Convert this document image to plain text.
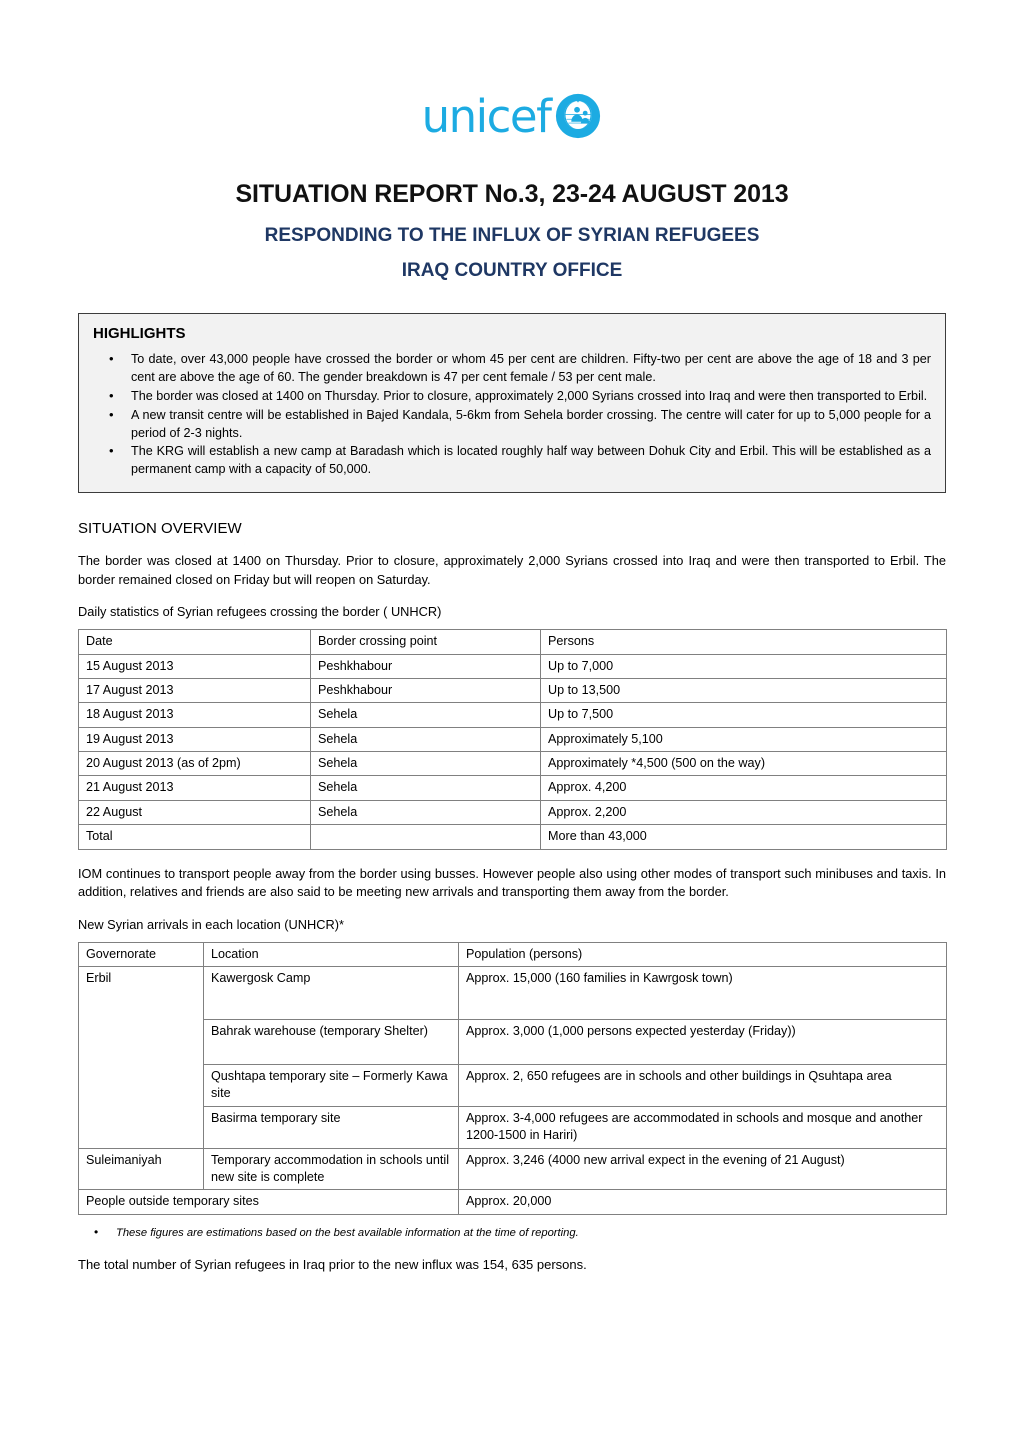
unicef
SITUATION REPORT No.3, 23-24 AUGUST 2013
RESPONDING TO THE INFLUX OF SYRIAN REFUGEES
IRAQ COUNTRY OFFICE
HIGHLIGHTS
• To date, over 43,000 people have crossed the border or whom 45 per cent are children. Fifty-two per cent are above the age of 18 and 3 per cent are above the age of 60. The gender breakdown is 47 per cent female / 53 per cent male.
• The border was closed at 1400 on Thursday. Prior to closure, approximately 2,000 Syrians crossed into Iraq and were then transported to Erbil.
• A new transit centre will be established in Bajed Kandala, 5-6km from Sehela border crossing. The centre will cater for up to 5,000 people for a period of 2-3 nights.
• The KRG will establish a new camp at Baradash which is located roughly half way between Dohuk City and Erbil. This will be established as a permanent camp with a capacity of 50,000.
SITUATION OVERVIEW

The border was closed at 1400 on Thursday. Prior to closure, approximately 2,000 Syrians crossed into Iraq and were then transported to Erbil. The border remained closed on Friday but will reopen on Saturday.

Daily statistics of Syrian refugees crossing the border ( UNHCR)

Date	Border crossing point	Persons
15 August 2013	Peshkhabour	Up to 7,000
17 August 2013	Peshkhabour	Up to 13,500
18 August 2013	Sehela	Up to 7,500
19 August 2013	Sehela	Approximately 5,100
20 August 2013 (as of 2pm)	Sehela	Approximately *4,500 (500 on the way)
21 August 2013	Sehela	Approx. 4,200
22 August	Sehela	Approx. 2,200
Total		More than 43,000

IOM continues to transport people away from the border using busses. However people also using other modes of transport such minibuses and taxis. In addition, relatives and friends are also said to be meeting new arrivals and transporting them away from the border.

New Syrian arrivals in each location (UNHCR)*

Governorate	Location	Population (persons)
Erbil	Kawergosk Camp	Approx. 15,000 (160 families in Kawrgosk town)
	Bahrak warehouse (temporary Shelter)	Approx. 3,000 (1,000 persons expected yesterday (Friday))
	Qushtapa temporary site – Formerly Kawa site	Approx. 2, 650 refugees are in schools and other buildings in Qsuhtapa area
	Basirma temporary site	Approx. 3-4,000 refugees are accommodated in schools and mosque and another 1200-1500 in Hariri)
Suleimaniyah	Temporary accommodation in schools until new site is complete	Approx. 3,246 (4000 new arrival expect in the evening of 21 August)
People outside temporary sites		Approx. 20,000
• These figures are estimations based on the best available information at the time of reporting.

The total number of Syrian refugees in Iraq prior to the new influx was 154, 635 persons.
